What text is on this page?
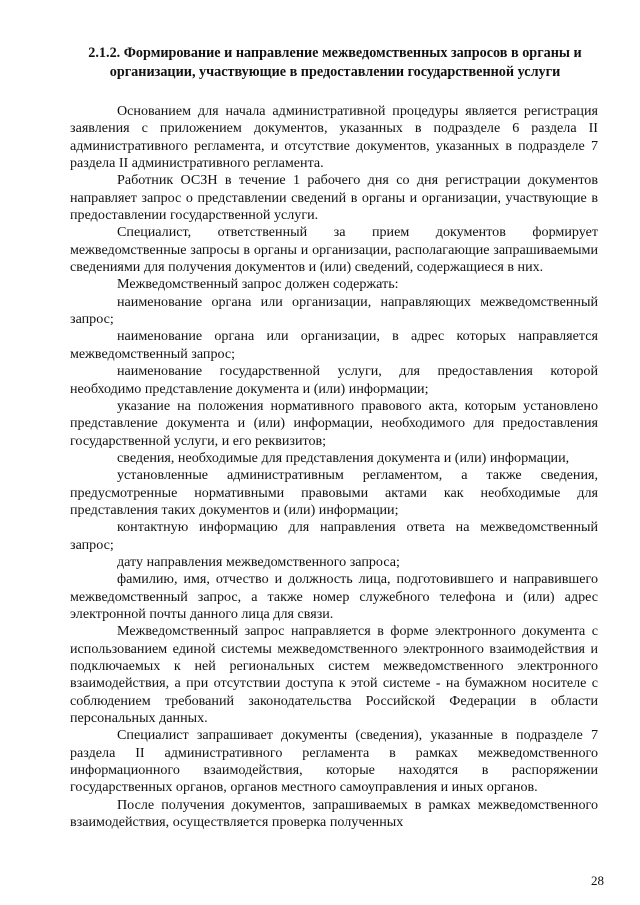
2.1.2. Формирование и направление межведомственных запросов в органы и организации, участвующие в предоставлении государственной услуги

Основанием для начала административной процедуры является регистрация заявления с приложением документов, указанных в подразделе 6 раздела II административного регламента, и отсутствие документов, указанных в подразделе 7 раздела II административного регламента.

Работник ОСЗН в течение 1 рабочего дня со дня регистрации документов направляет запрос о представлении сведений в органы и организации, участвующие в предоставлении государственной услуги.

Специалист, ответственный за прием документов формирует межведомственные запросы в органы и организации, располагающие запрашиваемыми сведениями для получения документов и (или) сведений, содержащиеся в них.

Межведомственный запрос должен содержать:

наименование органа или организации, направляющих межведомственный запрос;

наименование органа или организации, в адрес которых направляется межведомственный запрос;

наименование государственной услуги, для предоставления которой необходимо представление документа и (или) информации;

указание на положения нормативного правового акта, которым установлено представление документа и (или) информации, необходимого для предоставления государственной услуги, и его реквизитов;

сведения, необходимые для представления документа и (или) информации,

установленные административным регламентом, а также сведения, предусмотренные нормативными правовыми актами как необходимые для представления таких документов и (или) информации;

контактную информацию для направления ответа на межведомственный запрос;

дату направления межведомственного запроса;

фамилию, имя, отчество и должность лица, подготовившего и направившего межведомственный запрос, а также номер служебного телефона и (или) адрес электронной почты данного лица для связи.

Межведомственный запрос направляется в форме электронного документа с использованием единой системы межведомственного электронного взаимодействия и подключаемых к ней региональных систем межведомственного электронного взаимодействия, а при отсутствии доступа к этой системе - на бумажном носителе с соблюдением требований законодательства Российской Федерации в области персональных данных.

Специалист запрашивает документы (сведения), указанные в подразделе 7 раздела II административного регламента в рамках межведомственного информационного взаимодействия, которые находятся в распоряжении государственных органов, органов местного самоуправления и иных органов.

После получения документов, запрашиваемых в рамках межведомственного взаимодействия, осуществляется проверка полученных

28
